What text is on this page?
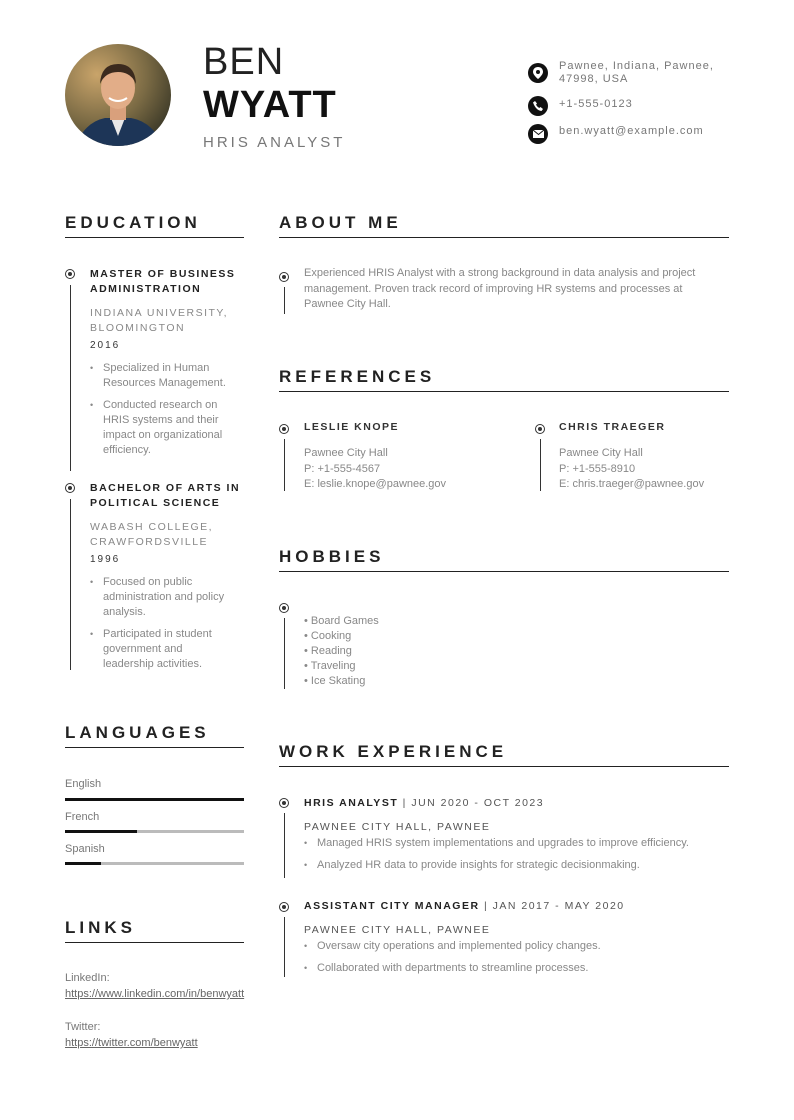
BEN
WYATT
HRIS ANALYST
Pawnee, Indiana, Pawnee,
47998, USA
+1-555-0123
ben.wyatt@example.com
EDUCATION
MASTER OF BUSINESS
ADMINISTRATION
INDIANA UNIVERSITY,
BLOOMINGTON
2016
• Specialized in Human Resources Management.
• Conducted research on HRIS systems and their impact on organizational efficiency.
BACHELOR OF ARTS IN
POLITICAL SCIENCE
WABASH COLLEGE,
CRAWFORDSVILLE
1996
• Focused on public administration and policy analysis.
• Participated in student government and leadership activities.
LANGUAGES
English
French
Spanish
LINKS
LinkedIn:
https://www.linkedin.com/in/benwyatt
Twitter:
https://twitter.com/benwyatt
ABOUT ME
Experienced HRIS Analyst with a strong background in data analysis and project management. Proven track record of improving HR systems and processes at Pawnee City Hall.
REFERENCES
LESLIE KNOPE
Pawnee City Hall
P: +1-555-4567
E: leslie.knope@pawnee.gov
CHRIS TRAEGER
Pawnee City Hall
P: +1-555-8910
E: chris.traeger@pawnee.gov
HOBBIES
• Board Games
• Cooking
• Reading
• Traveling
• Ice Skating
WORK EXPERIENCE
HRIS ANALYST | JUN 2020 - OCT 2023
PAWNEE CITY HALL, PAWNEE
• Managed HRIS system implementations and upgrades to improve efficiency.
• Analyzed HR data to provide insights for strategic decisionmaking.
ASSISTANT CITY MANAGER | JAN 2017 - MAY 2020
PAWNEE CITY HALL, PAWNEE
• Oversaw city operations and implemented policy changes.
• Collaborated with departments to streamline processes.
